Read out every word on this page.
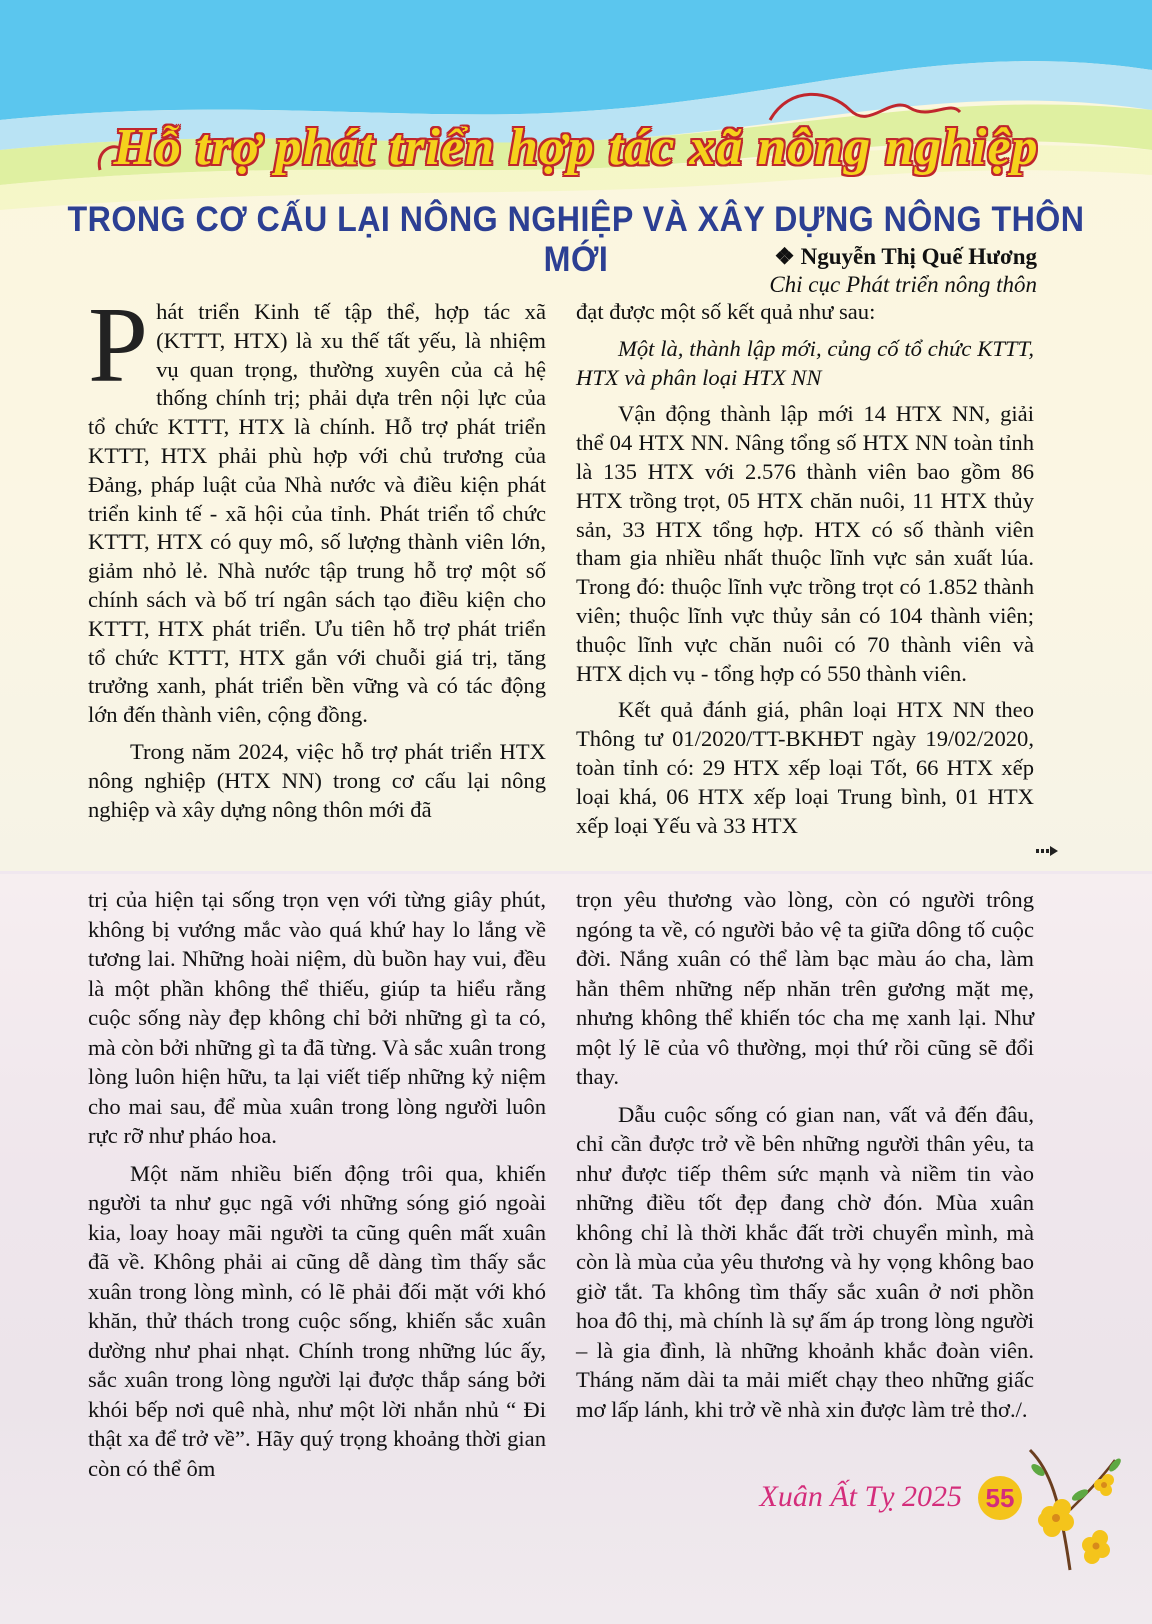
Hỗ trợ phát triển hợp tác xã nông nghiệp
TRONG CƠ CẤU LẠI NÔNG NGHIỆP VÀ XÂY DỰNG NÔNG THÔN MỚI	❖ Nguyễn Thị Quế Hương
Chi cục Phát triển nông thôn

P hát triển Kinh tế tập thể, hợp tác xã (KTTT, HTX) là xu thế tất yếu, là nhiệm vụ quan trọng, thường xuyên của cả hệ thống chính trị; phải dựa trên nội lực của tổ chức KTTT, HTX là chính. Hỗ trợ phát triển KTTT, HTX phải phù hợp với chủ trương của Đảng, pháp luật của Nhà nước và điều kiện phát triển kinh tế - xã hội của tỉnh. Phát triển tổ chức KTTT, HTX có quy mô, số lượng thành viên lớn, giảm nhỏ lẻ. Nhà nước tập trung hỗ trợ một số chính sách và bố trí ngân sách tạo điều kiện cho KTTT, HTX phát triển. Ưu tiên hỗ trợ phát triển tổ chức KTTT, HTX gắn với chuỗi giá trị, tăng trưởng xanh, phát triển bền vững và có tác động lớn đến thành viên, cộng đồng.

Trong năm 2024, việc hỗ trợ phát triển HTX nông nghiệp (HTX NN) trong cơ cấu lại nông nghiệp và xây dựng nông thôn mới đã

đạt được một số kết quả như sau:

Một là, thành lập mới, củng cố tổ chức KTTT, HTX và phân loại HTX NN

Vận động thành lập mới 14 HTX NN, giải thể 04 HTX NN. Nâng tổng số HTX NN toàn tỉnh là 135 HTX với 2.576 thành viên bao gồm 86 HTX trồng trọt, 05 HTX chăn nuôi, 11 HTX thủy sản, 33 HTX tổng hợp. HTX có số thành viên tham gia nhiều nhất thuộc lĩnh vực sản xuất lúa. Trong đó: thuộc lĩnh vực trồng trọt có 1.852 thành viên; thuộc lĩnh vực thủy sản có 104 thành viên; thuộc lĩnh vực chăn nuôi có 70 thành viên và HTX dịch vụ - tổng hợp có 550 thành viên.

Kết quả đánh giá, phân loại HTX NN theo Thông tư 01/2020/TT-BKHĐT ngày 19/02/2020, toàn tỉnh có: 29 HTX xếp loại Tốt, 66 HTX xếp loại khá, 06 HTX xếp loại Trung bình, 01 HTX xếp loại Yếu và 33 HTX

trị của hiện tại sống trọn vẹn với từng giây phút, không bị vướng mắc vào quá khứ hay lo lắng về tương lai. Những hoài niệm, dù buồn hay vui, đều là một phần không thể thiếu, giúp ta hiểu rằng cuộc sống này đẹp không chỉ bởi những gì ta có, mà còn bởi những gì ta đã từng. Và sắc xuân trong lòng luôn hiện hữu, ta lại viết tiếp những kỷ niệm cho mai sau, để mùa xuân trong lòng người luôn rực rỡ như pháo hoa.

Một năm nhiều biến động trôi qua, khiến người ta như gục ngã với những sóng gió ngoài kia, loay hoay mãi người ta cũng quên mất xuân đã về. Không phải ai cũng dễ dàng tìm thấy sắc xuân trong lòng mình, có lẽ phải đối mặt với khó khăn, thử thách trong cuộc sống, khiến sắc xuân dường như phai nhạt. Chính trong những lúc ấy, sắc xuân trong lòng người lại được thắp sáng bởi khói bếp nơi quê nhà, như một lời nhắn nhủ “ Đi thật xa để trở về”. Hãy quý trọng khoảng thời gian còn có thể ôm

trọn yêu thương vào lòng, còn có người trông ngóng ta về, có người bảo vệ ta giữa dông tố cuộc đời. Nắng xuân có thể làm bạc màu áo cha, làm hằn thêm những nếp nhăn trên gương mặt mẹ, nhưng không thể khiến tóc cha mẹ xanh lại. Như một lý lẽ của vô thường, mọi thứ rồi cũng sẽ đổi thay.

Dẫu cuộc sống có gian nan, vất vả đến đâu, chỉ cần được trở về bên những người thân yêu, ta như được tiếp thêm sức mạnh và niềm tin vào những điều tốt đẹp đang chờ đón. Mùa xuân không chỉ là thời khắc đất trời chuyển mình, mà còn là mùa của yêu thương và hy vọng không bao giờ tắt. Ta không tìm thấy sắc xuân ở nơi phồn hoa đô thị, mà chính là sự ấm áp trong lòng người – là gia đình, là những khoảnh khắc đoàn viên. Tháng năm dài ta mải miết chạy theo những giấc mơ lấp lánh, khi trở về nhà xin được làm trẻ thơ./.

Xuân Ất Tỵ 2025 55
